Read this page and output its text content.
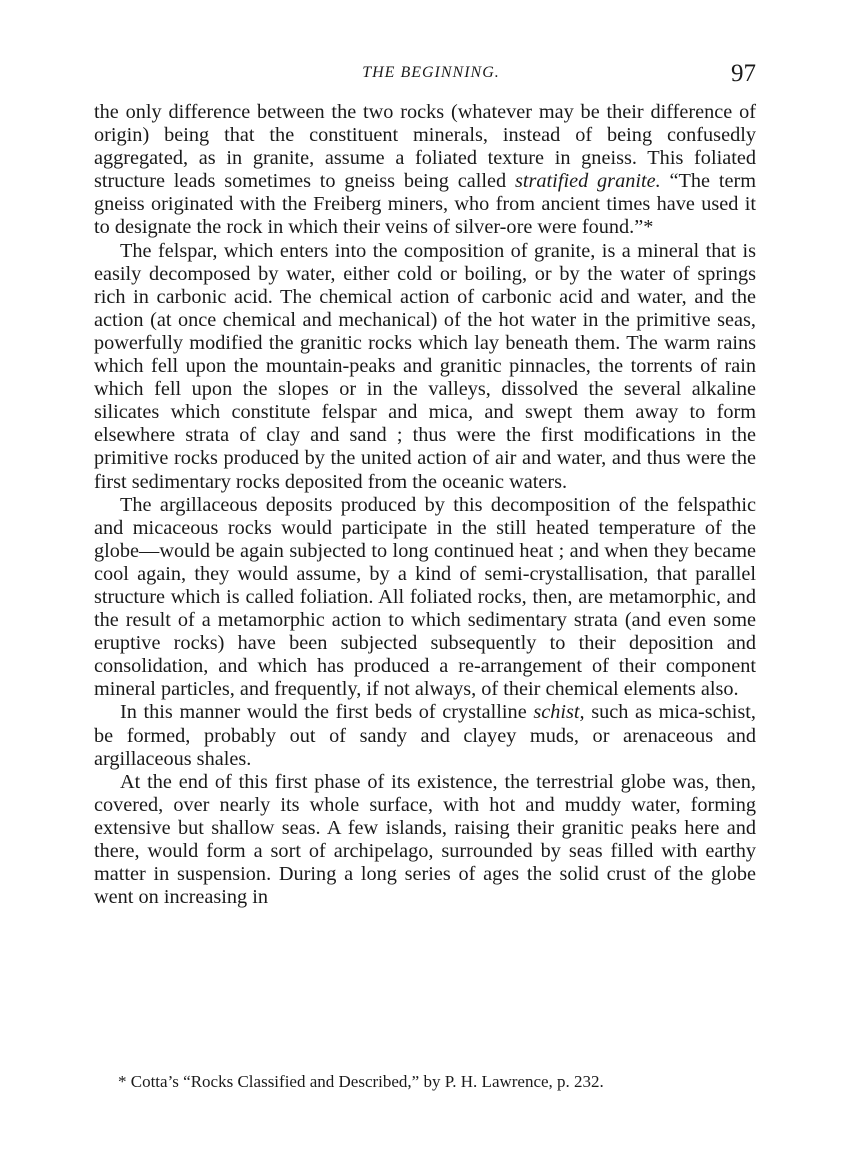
THE BEGINNING.	97

the only difference between the two rocks (whatever may be their difference of origin) being that the constituent minerals, instead of being confusedly aggregated, as in granite, assume a foliated texture in gneiss. This foliated structure leads sometimes to gneiss being called stratified granite. “The term gneiss originated with the Freiberg miners, who from ancient times have used it to designate the rock in which their veins of silver-ore were found.”*

The felspar, which enters into the composition of granite, is a mineral that is easily decomposed by water, either cold or boiling, or by the water of springs rich in carbonic acid. The chemical action of carbonic acid and water, and the action (at once chemical and mechanical) of the hot water in the primitive seas, powerfully modified the granitic rocks which lay beneath them. The warm rains which fell upon the mountain-peaks and granitic pinnacles, the torrents of rain which fell upon the slopes or in the valleys, dissolved the several alkaline silicates which constitute felspar and mica, and swept them away to form elsewhere strata of clay and sand ; thus were the first modifications in the primitive rocks produced by the united action of air and water, and thus were the first sedimentary rocks deposited from the oceanic waters.

The argillaceous deposits produced by this decomposition of the felspathic and micaceous rocks would participate in the still heated temperature of the globe—would be again subjected to long continued heat ; and when they became cool again, they would assume, by a kind of semi-crystallisation, that parallel structure which is called foliation. All foliated rocks, then, are metamorphic, and the result of a metamorphic action to which sedimentary strata (and even some eruptive rocks) have been subjected subsequently to their deposition and consolidation, and which has produced a re-arrangement of their component mineral particles, and frequently, if not always, of their chemical elements also.

In this manner would the first beds of crystalline schist, such as mica-schist, be formed, probably out of sandy and clayey muds, or arenaceous and argillaceous shales.

At the end of this first phase of its existence, the terrestrial globe was, then, covered, over nearly its whole surface, with hot and muddy water, forming extensive but shallow seas. A few islands, raising their granitic peaks here and there, would form a sort of archipelago, surrounded by seas filled with earthy matter in suspension. During a long series of ages the solid crust of the globe went on increasing in

* Cotta’s “Rocks Classified and Described,” by P. H. Lawrence, p. 232.
